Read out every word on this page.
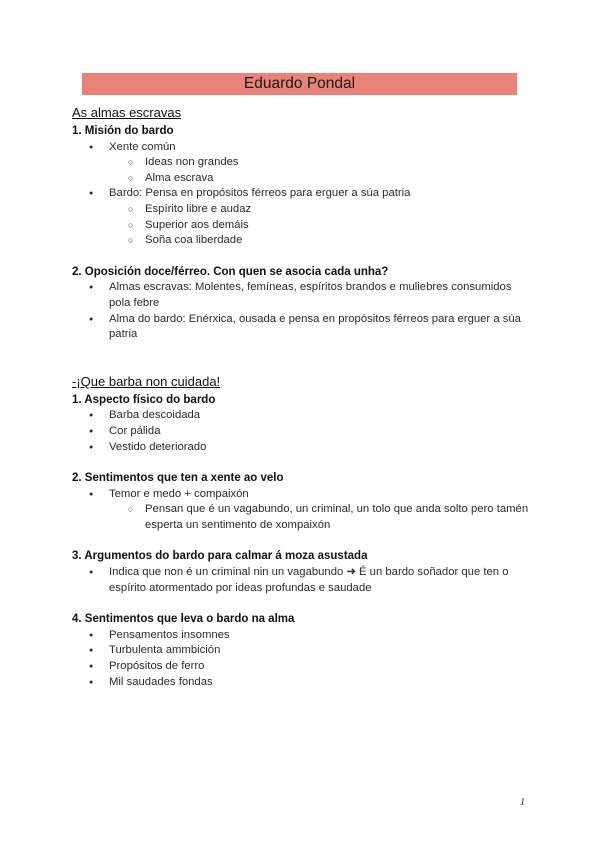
Eduardo Pondal
As almas escravas
1. Misión do bardo
● Xente común
○ Ideas non grandes
○ Alma escrava
● Bardo: Pensa en propósitos férreos para erguer a súa patria
○ Espírito libre e audaz
○ Superior aos demáis
○ Soña coa liberdade
2. Oposición doce/férreo. Con quen se asocia cada unha?
● Almas escravas: Molentes, femíneas, espíritos brandos e muliebres consumidos pola febre
● Alma do bardo: Enérxica, ousada e pensa en propósitos férreos para erguer a súa patria
-¡Que barba non cuidada!
1. Aspecto físico do bardo
● Barba descoidada
● Cor pálida
● Vestido deteriorado
2. Sentimentos que ten a xente ao velo
● Temor e medo + compaixón
○ Pensan que é un vagabundo, un criminal, un tolo que anda solto pero tamén esperta un sentimento de xompaixón
3. Argumentos do bardo para calmar á moza asustada
● Indica que non é un criminal nin un vagabundo ➜ É un bardo soñador que ten o espírito atormentado por ideas profundas e saudade
4. Sentimentos que leva o bardo na alma
● Pensamentos insomnes
● Turbulenta ammbición
● Propósitos de ferro
● Mil saudades fondas
1
